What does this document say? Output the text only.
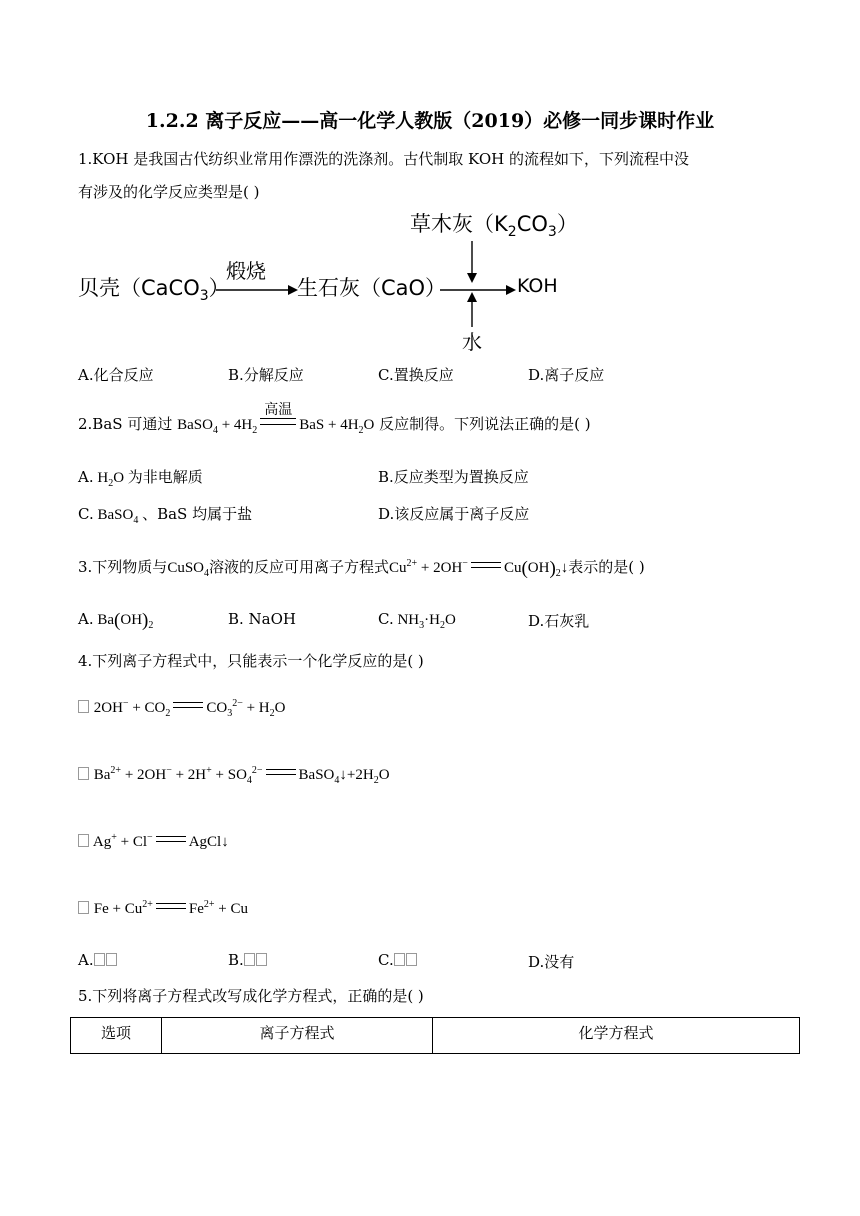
1.2.2 离子反应——高一化学人教版（2019）必修一同步课时作业
1.KOH 是我国古代纺织业常用作漂洗的洗涤剂。古代制取 KOH 的流程如下，下列流程中没
有涉及的化学反应类型是( )
草木灰$(K_2CO_3)$
贝壳（CaCO$_3$）
煅烧
生石灰（CaO）	KOH
水
A.化合反应	B.分解反应	C.置换反应	D.离子反应
2.BaS 可通过 BaSO$_4$ + $4H_2$
高温
BaS + $4H_2O$ 反应制得。下列说法正确的是( )
A. $H_2O$ 为非电解质	B.反应类型为置换反应
C. BaSO$_4$ 、BaS 均属于盐	D.该反应属于离子反应
3.下列物质与CuSO$_4$溶液的反应可用离子方程式$Cu^{2+} + 2OH^-$ $Cu(OH)_2↓$表示的是( )
A. $Ba(OH)_2$	B. NaOH	C. $NH_3\cdot H_2O$	D.石灰乳
4.下列离子方程式中，只能表示一个化学反应的是( )
$2OH^- + CO_2$ $CO_3^{2-} + H_2O$
$Ba^{2+} + 2OH^- + 2H^+ + SO_4^{2-}$ $BaSO_4↓+2H_2O$
Ag+ + Cl− AgCl↓
$Fe + Cu^{2+}$ $Fe^{2+} + Cu$
A.	B.	C.	D.没有
5.下列将离子方程式改写成化学方程式，正确的是( )
选项	离子方程式	化学方程式
